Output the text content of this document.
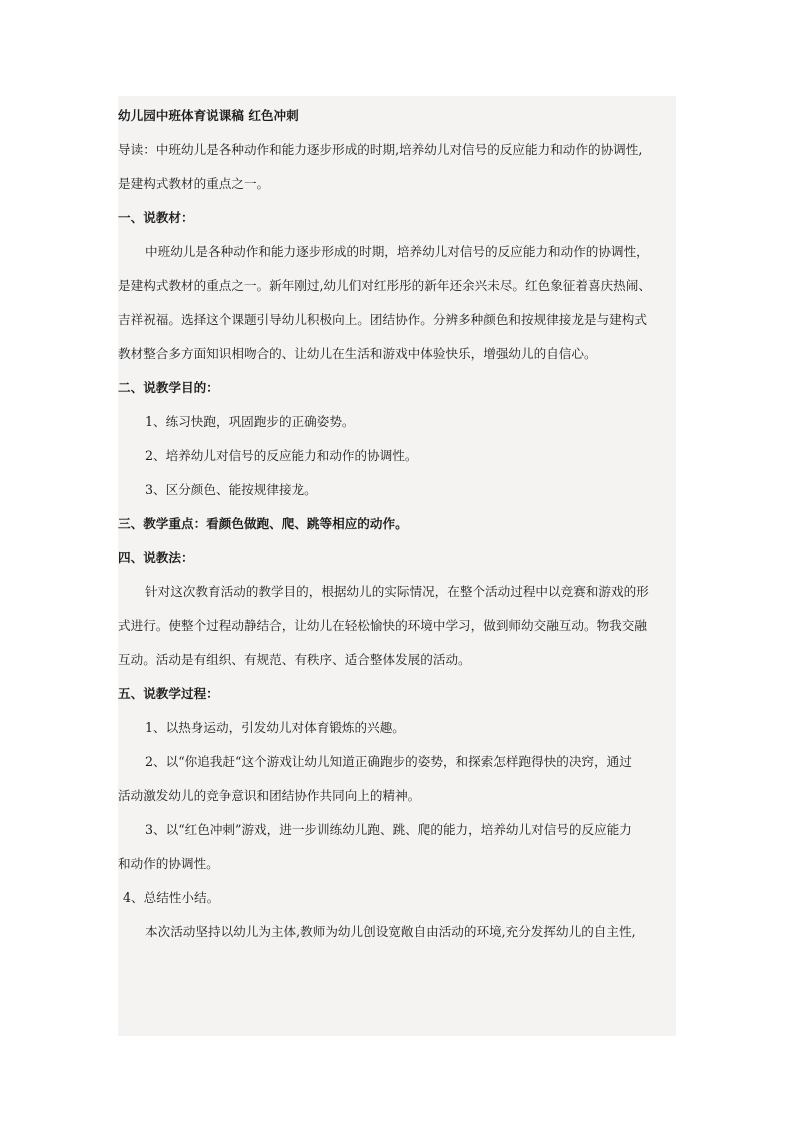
幼儿园中班体育说课稿 红色冲刺
导读：中班幼儿是各种动作和能力逐步形成的时期,培养幼儿对信号的反应能力和动作的协调性,
是建构式教材的重点之一。
一、说教材：
中班幼儿是各种动作和能力逐步形成的时期，培养幼儿对信号的反应能力和动作的协调性，
是建构式教材的重点之一。新年刚过,幼儿们对红彤彤的新年还余兴未尽。红色象征着喜庆热闹、
吉祥祝福。选择这个课题引导幼儿积极向上。团结协作。分辨多种颜色和按规律接龙是与建构式
教材整合多方面知识相吻合的、让幼儿在生活和游戏中体验快乐，增强幼儿的自信心。
二、说教学目的：
1、练习快跑，巩固跑步的正确姿势。
2、培养幼儿对信号的反应能力和动作的协调性。
3、区分颜色、能按规律接龙。
三、教学重点：看颜色做跑、爬、跳等相应的动作。
四、说教法：
针对这次教育活动的教学目的，根据幼儿的实际情况，在整个活动过程中以竞赛和游戏的形
式进行。使整个过程动静结合，让幼儿在轻松愉快的环境中学习，做到师幼交融互动。物我交融
互动。活动是有组织、有规范、有秩序、适合整体发展的活动。
五、说教学过程：
1、以热身运动，引发幼儿对体育锻炼的兴趣。
2、以“你追我赶“这个游戏让幼儿知道正确跑步的姿势，和探索怎样跑得快的决窍，通过
活动激发幼儿的竞争意识和团结协作共同向上的精神。
3、以“红色冲刺”游戏，进一步训练幼儿跑、跳、爬的能力，培养幼儿对信号的反应能力
和动作的协调性。
4、总结性小结。
本次活动坚持以幼儿为主体,教师为幼儿创设宽敞自由活动的环境,充分发挥幼儿的自主性,
